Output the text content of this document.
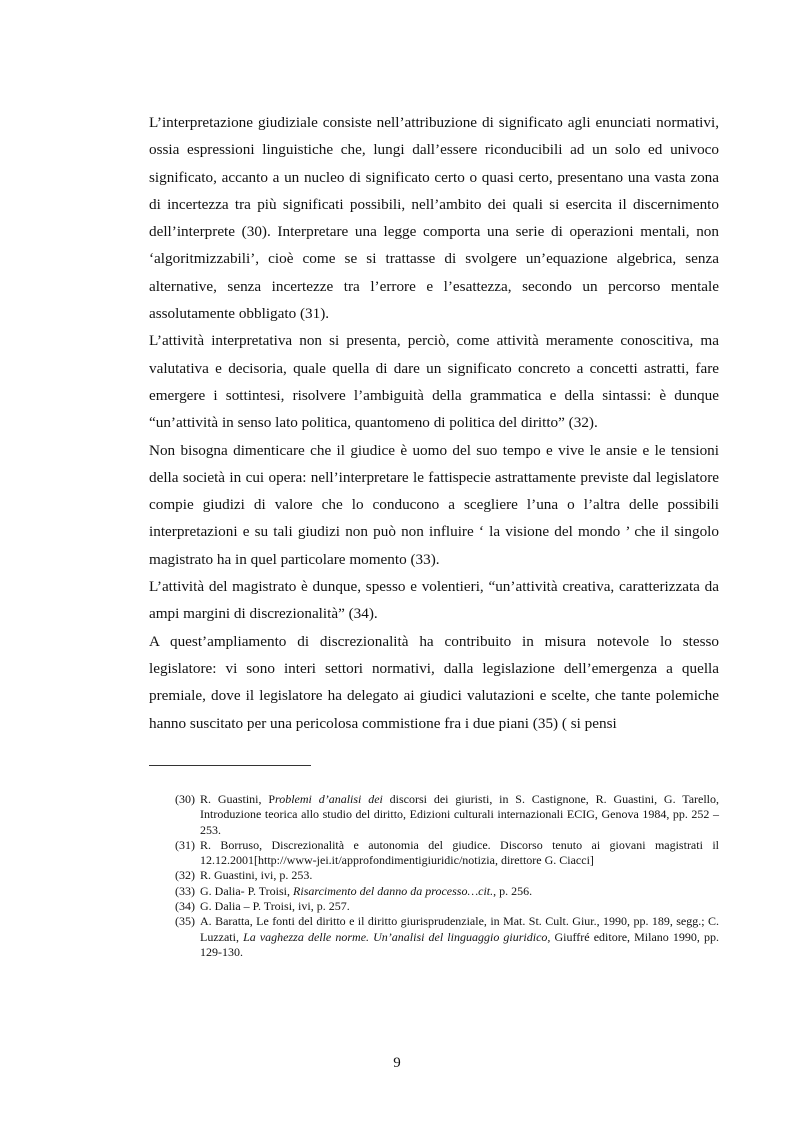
L’interpretazione giudiziale consiste nell’attribuzione di significato agli enunciati normativi, ossia espressioni linguistiche che, lungi dall’essere riconducibili ad un solo ed univoco significato, accanto a un nucleo di significato certo o quasi certo, presentano una vasta zona di incertezza tra più significati possibili, nell’ambito dei quali si esercita il discernimento dell’interprete (30). Interpretare una legge comporta una serie di operazioni mentali, non ‘algoritmizzabili’, cioè come se si trattasse di svolgere un’equazione algebrica, senza alternative, senza incertezze tra l’errore e l’esattezza, secondo un percorso mentale assolutamente obbligato (31).

L’attività interpretativa non si presenta, perciò, come attività meramente conoscitiva, ma valutativa e decisoria, quale quella di dare un significato concreto a concetti astratti, fare emergere i sottintesi, risolvere l’ambiguità della grammatica e della sintassi: è dunque “un’attività in senso lato politica, quantomeno di politica del diritto” (32).

Non bisogna dimenticare che il giudice è uomo del suo tempo e vive le ansie e le tensioni della società in cui opera: nell’interpretare le fattispecie astrattamente previste dal legislatore compie giudizi di valore che lo conducono a scegliere l’una o l’altra delle possibili interpretazioni e su tali giudizi non può non influire ‘ la visione del mondo ’ che il singolo magistrato ha in quel particolare momento (33).

L’attività del magistrato è dunque, spesso e volentieri, “un’attività creativa, caratterizzata da ampi margini di discrezionalità” (34).

A quest’ampliamento di discrezionalità ha contribuito in misura notevole lo stesso legislatore: vi sono interi settori normativi, dalla legislazione dell’emergenza a quella premiale, dove il legislatore ha delegato ai giudici valutazioni e scelte, che tante polemiche hanno suscitato per una pericolosa commistione fra i due piani (35) ( si pensi

(30) R. Guastini, Problemi d’analisi dei discorsi dei giuristi, in S. Castignone, R. Guastini, G. Tarello, Introduzione teorica allo studio del diritto, Edizioni culturali internazionali ECIG, Genova 1984, pp. 252 – 253.
(31) R. Borruso, Discrezionalità e autonomia del giudice. Discorso tenuto ai giovani magistrati il 12.12.2001[http://www-jei.it/approfondimentigiuridic/notizia, direttore G. Ciacci]
(32) R. Guastini, ivi, p. 253.
(33) G. Dalia- P. Troisi, Risarcimento del danno da processo…cit., p. 256.
(34) G. Dalia – P. Troisi, ivi, p. 257.
(35) A. Baratta, Le fonti del diritto e il diritto giurisprudenziale, in Mat. St. Cult. Giur., 1990, pp. 189, segg.; C. Luzzati, La vaghezza delle norme. Un’analisi del linguaggio giuridico, Giuffré editore, Milano 1990, pp. 129-130.
9
